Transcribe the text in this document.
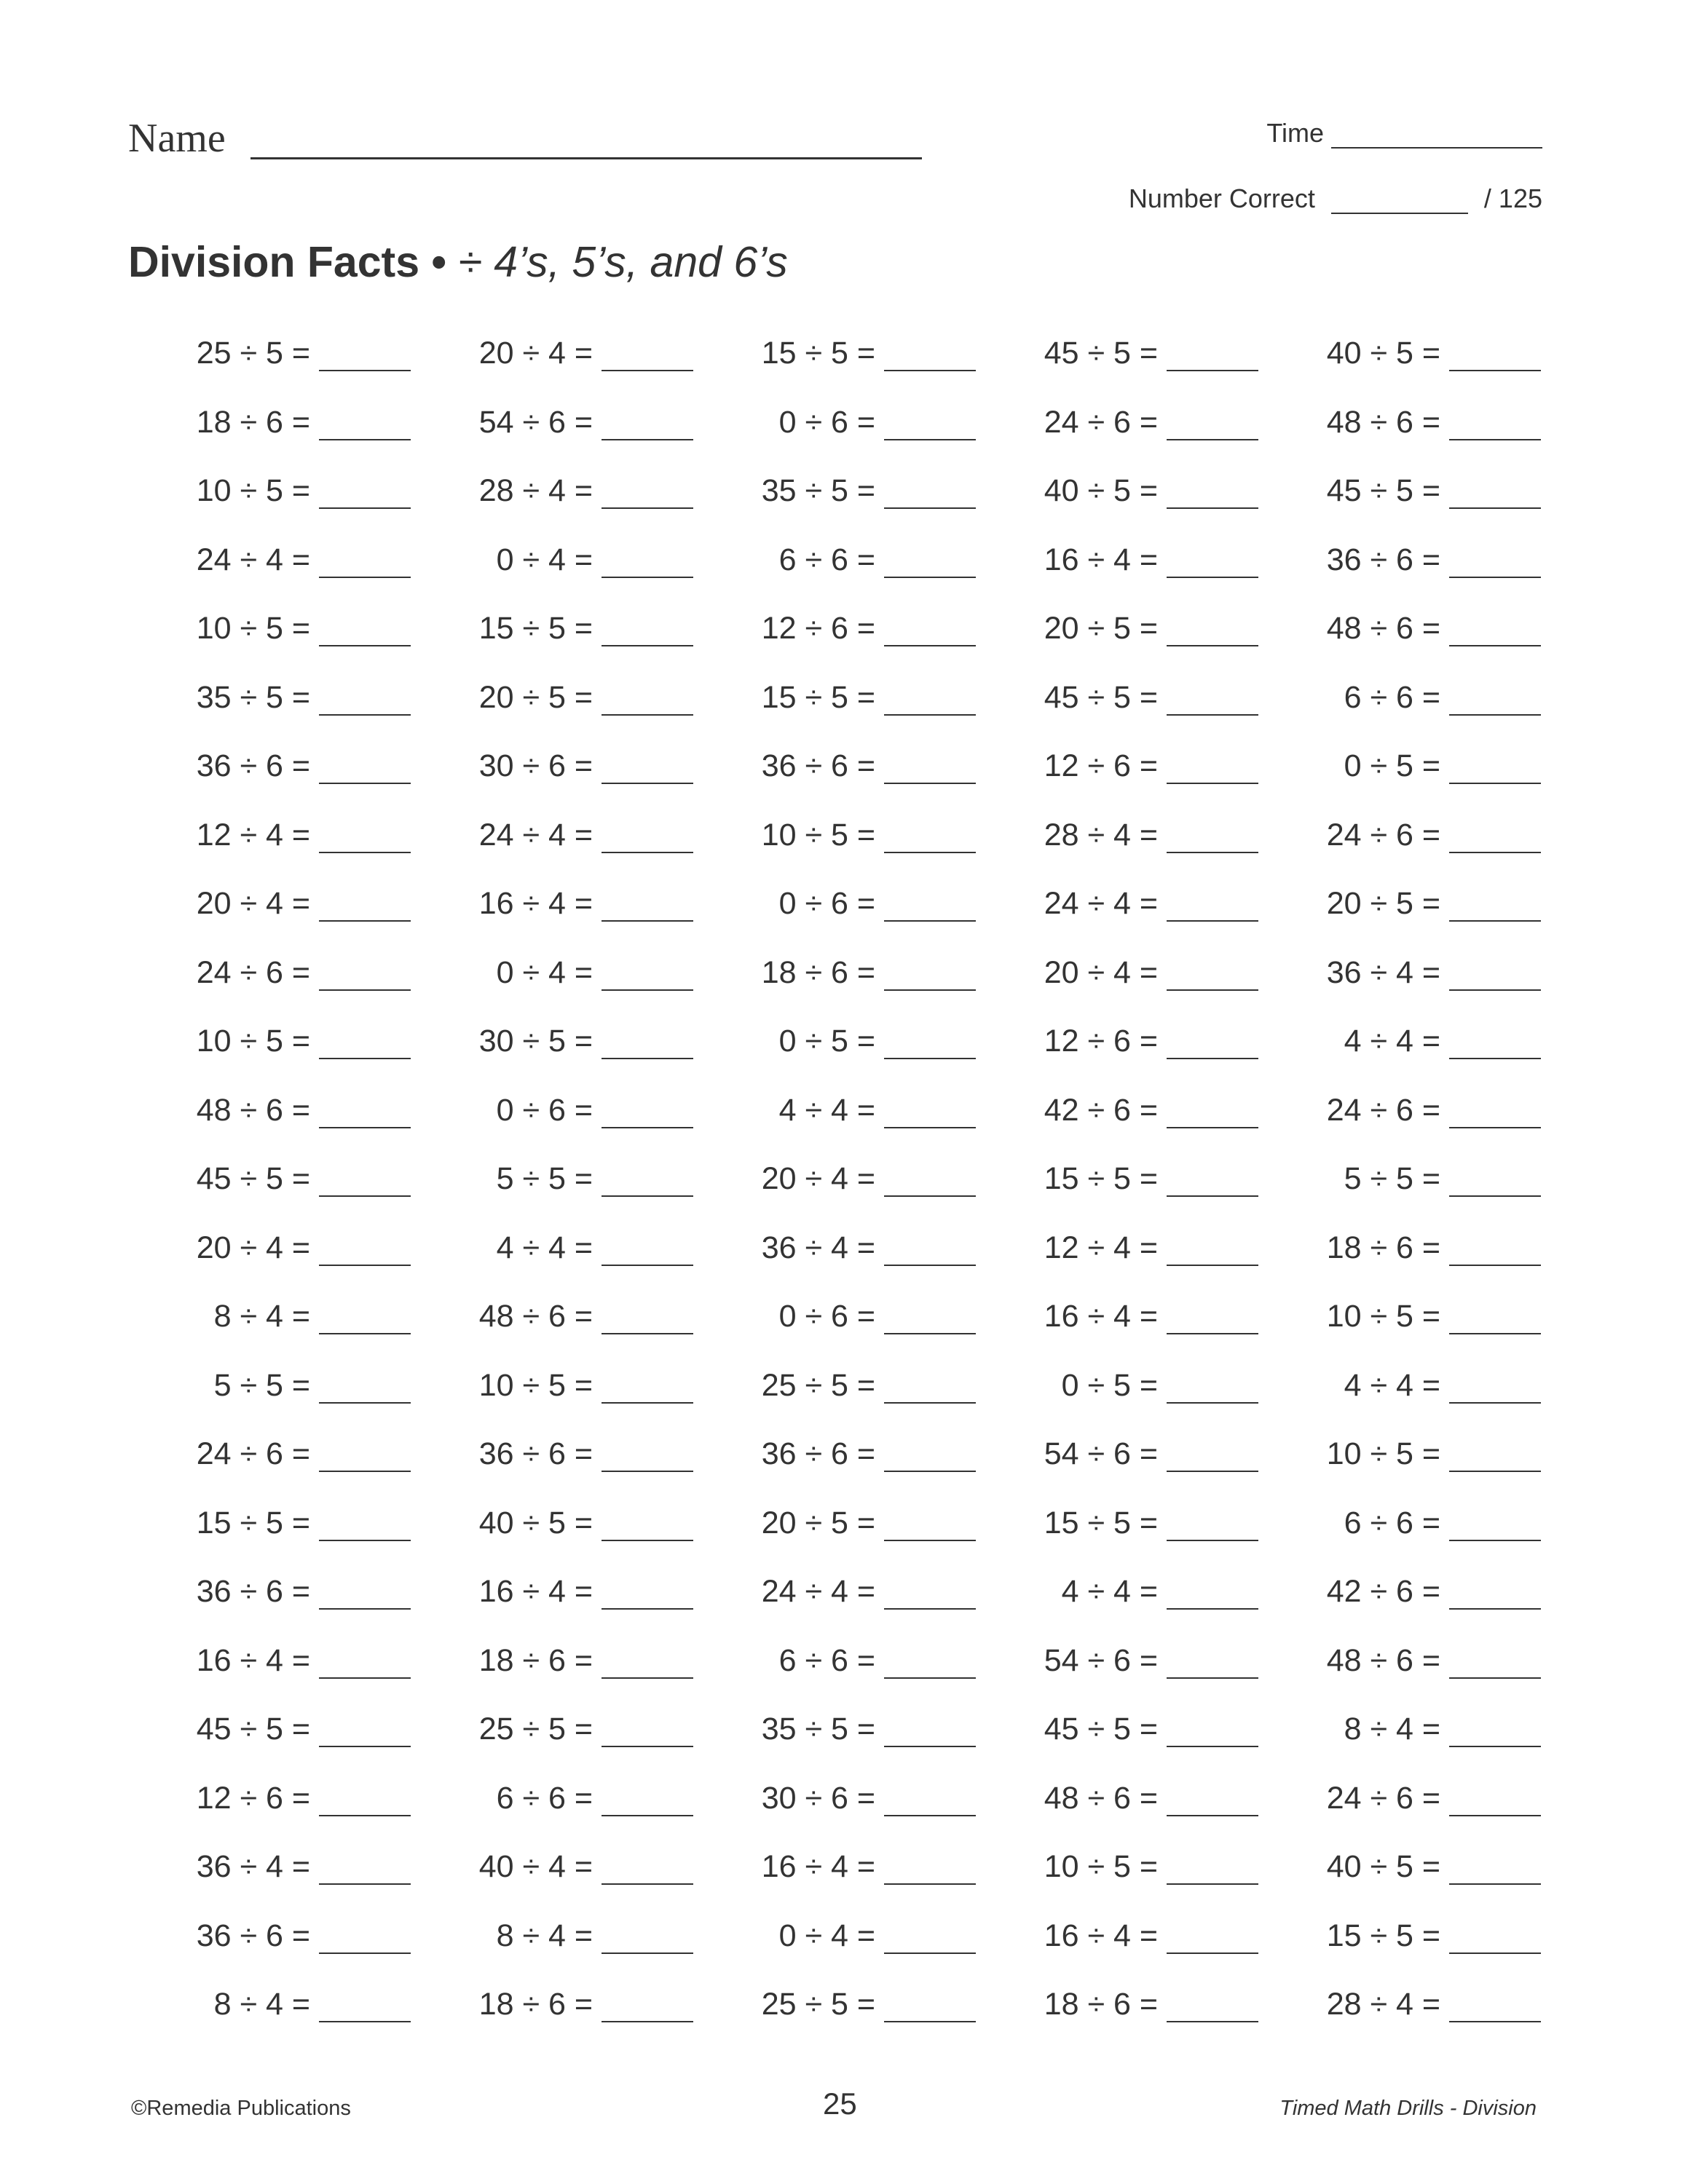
Name	Time
Number Correct	/ 125
Division Facts • ÷ 4’s, 5’s, and 6’s
25 ÷ 5 =	20 ÷ 4 =	15 ÷ 5 =	45 ÷ 5 =	40 ÷ 5 =
18 ÷ 6 =	54 ÷ 6 =	0 ÷ 6 =	24 ÷ 6 =	48 ÷ 6 =
10 ÷ 5 =	28 ÷ 4 =	35 ÷ 5 =	40 ÷ 5 =	45 ÷ 5 =
24 ÷ 4 =	0 ÷ 4 =	6 ÷ 6 =	16 ÷ 4 =	36 ÷ 6 =
10 ÷ 5 =	15 ÷ 5 =	12 ÷ 6 =	20 ÷ 5 =	48 ÷ 6 =
35 ÷ 5 =	20 ÷ 5 =	15 ÷ 5 =	45 ÷ 5 =	6 ÷ 6 =
36 ÷ 6 =	30 ÷ 6 =	36 ÷ 6 =	12 ÷ 6 =	0 ÷ 5 =
12 ÷ 4 =	24 ÷ 4 =	10 ÷ 5 =	28 ÷ 4 =	24 ÷ 6 =
20 ÷ 4 =	16 ÷ 4 =	0 ÷ 6 =	24 ÷ 4 =	20 ÷ 5 =
24 ÷ 6 =	0 ÷ 4 =	18 ÷ 6 =	20 ÷ 4 =	36 ÷ 4 =
10 ÷ 5 =	30 ÷ 5 =	0 ÷ 5 =	12 ÷ 6 =	4 ÷ 4 =
48 ÷ 6 =	0 ÷ 6 =	4 ÷ 4 =	42 ÷ 6 =	24 ÷ 6 =
45 ÷ 5 =	5 ÷ 5 =	20 ÷ 4 =	15 ÷ 5 =	5 ÷ 5 =
20 ÷ 4 =	4 ÷ 4 =	36 ÷ 4 =	12 ÷ 4 =	18 ÷ 6 =
8 ÷ 4 =	48 ÷ 6 =	0 ÷ 6 =	16 ÷ 4 =	10 ÷ 5 =
5 ÷ 5 =	10 ÷ 5 =	25 ÷ 5 =	0 ÷ 5 =	4 ÷ 4 =
24 ÷ 6 =	36 ÷ 6 =	36 ÷ 6 =	54 ÷ 6 =	10 ÷ 5 =
15 ÷ 5 =	40 ÷ 5 =	20 ÷ 5 =	15 ÷ 5 =	6 ÷ 6 =
36 ÷ 6 =	16 ÷ 4 =	24 ÷ 4 =	4 ÷ 4 =	42 ÷ 6 =
16 ÷ 4 =	18 ÷ 6 =	6 ÷ 6 =	54 ÷ 6 =	48 ÷ 6 =
45 ÷ 5 =	25 ÷ 5 =	35 ÷ 5 =	45 ÷ 5 =	8 ÷ 4 =
12 ÷ 6 =	6 ÷ 6 =	30 ÷ 6 =	48 ÷ 6 =	24 ÷ 6 =
36 ÷ 4 =	40 ÷ 4 =	16 ÷ 4 =	10 ÷ 5 =	40 ÷ 5 =
36 ÷ 6 =	8 ÷ 4 =	0 ÷ 4 =	16 ÷ 4 =	15 ÷ 5 =
8 ÷ 4 =	18 ÷ 6 =	25 ÷ 5 =	18 ÷ 6 =	28 ÷ 4 =
©Remedia Publications	25	Timed Math Drills - Division
